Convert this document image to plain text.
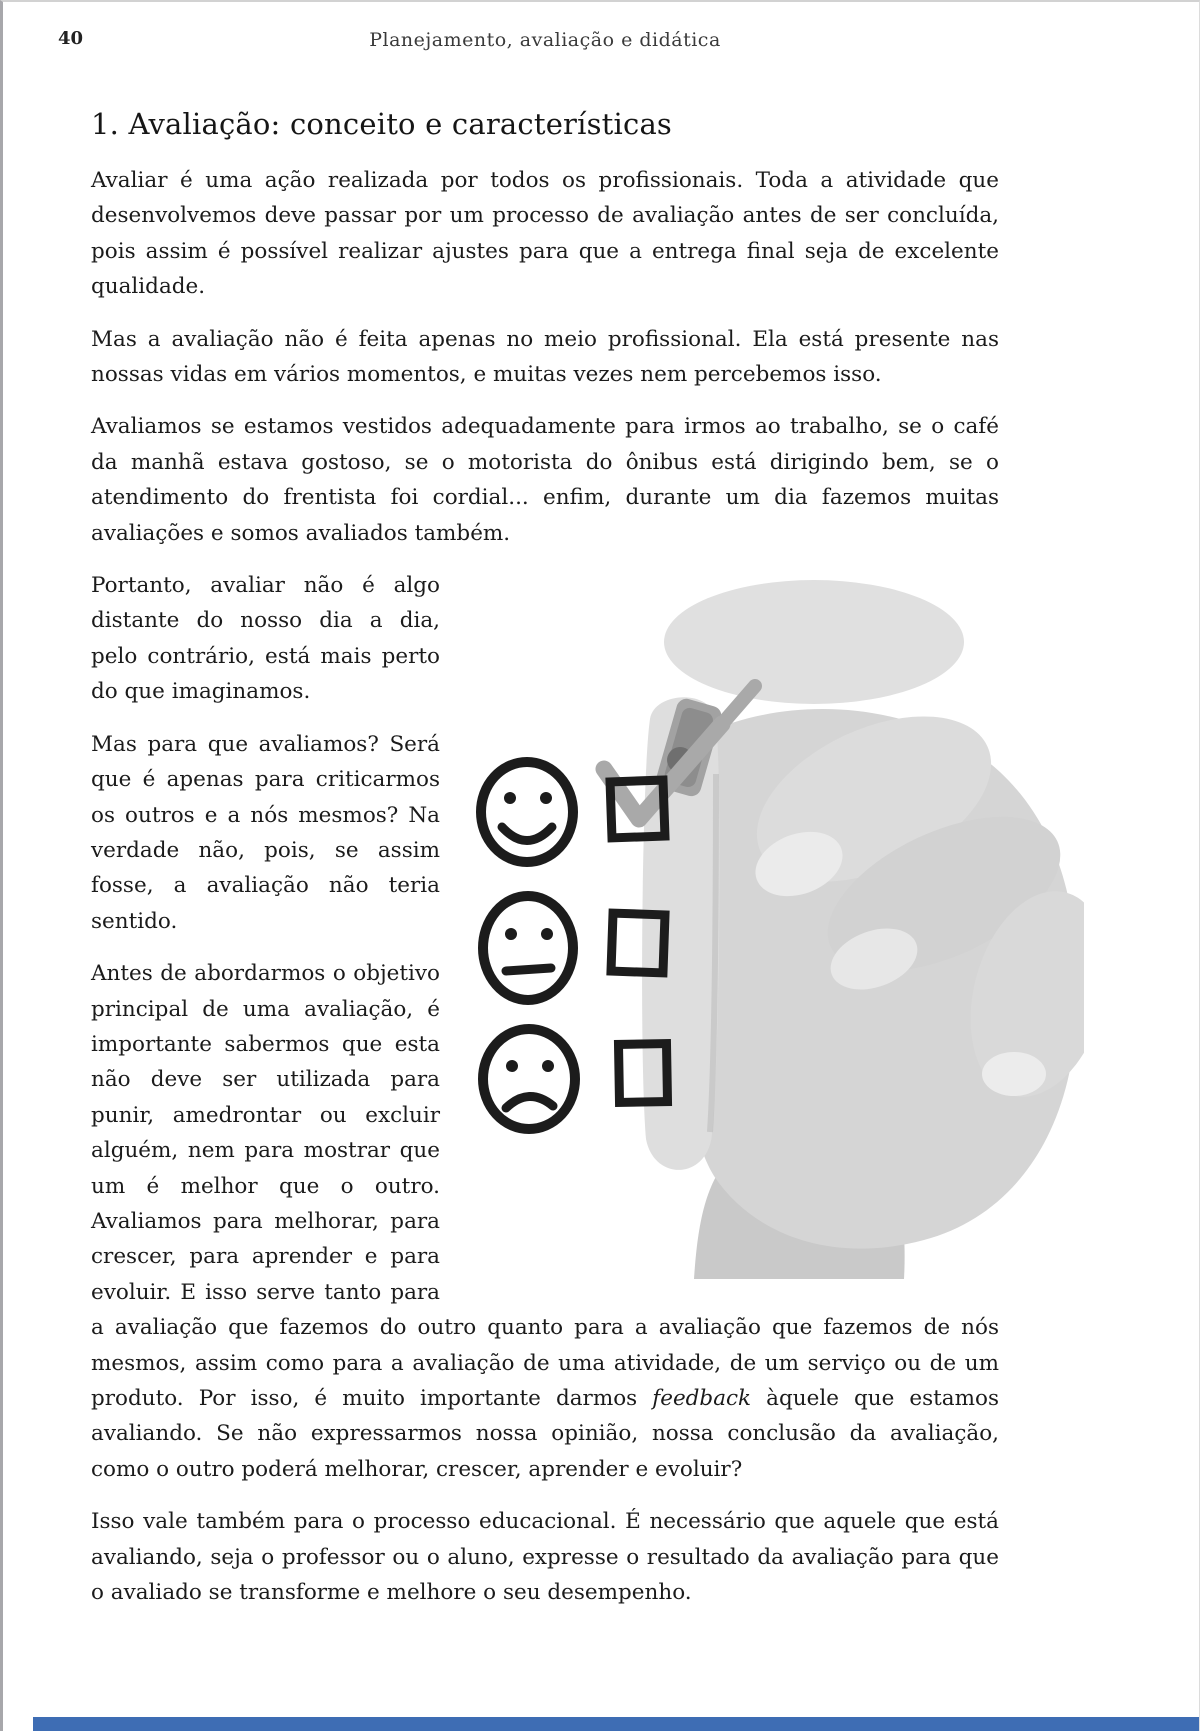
40	Planejamento, avaliação e didática
1. Avaliação: conceito e características

Avaliar é uma ação realizada por todos os profissionais. Toda a atividade que desenvolvemos deve passar por um processo de avaliação antes de ser concluída, pois assim é possível realizar ajustes para que a entrega final seja de excelente qualidade.

Mas a avaliação não é feita apenas no meio profissional. Ela está presente nas nossas vidas em vários momentos, e muitas vezes nem percebemos isso.

Avaliamos se estamos vestidos adequadamente para irmos ao trabalho, se o café da manhã estava gostoso, se o motorista do ônibus está dirigindo bem, se o atendimento do frentista foi cordial... enfim, durante um dia fazemos muitas avaliações e somos avaliados também.

Portanto, avaliar não é algo distante do nosso dia a dia, pelo contrário, está mais perto do que imaginamos.

Mas para que avaliamos? Será que é apenas para criticarmos os outros e a nós mesmos? Na verdade não, pois, se assim fosse, a avaliação não teria sentido.

Antes de abordarmos o objetivo principal de uma avaliação, é importante sabermos que esta não deve ser utilizada para punir, amedrontar ou excluir alguém, nem para mostrar que um é melhor que o outro. Avaliamos para melhorar, para crescer, para aprender e para evoluir. E isso serve tanto para a avaliação que fazemos do outro quanto para a avaliação que fazemos de nós mesmos, assim como para a avaliação de uma atividade, de um serviço ou de um produto. Por isso, é muito importante darmos feedback àquele que estamos avaliando. Se não expressarmos nossa opinião, nossa conclusão da avaliação, como o outro poderá melhorar, crescer, aprender e evoluir?

Isso vale também para o processo educacional. É necessário que aquele que está avaliando, seja o professor ou o aluno, expresse o resultado da avaliação para que o avaliado se transforme e melhore o seu desempenho.
